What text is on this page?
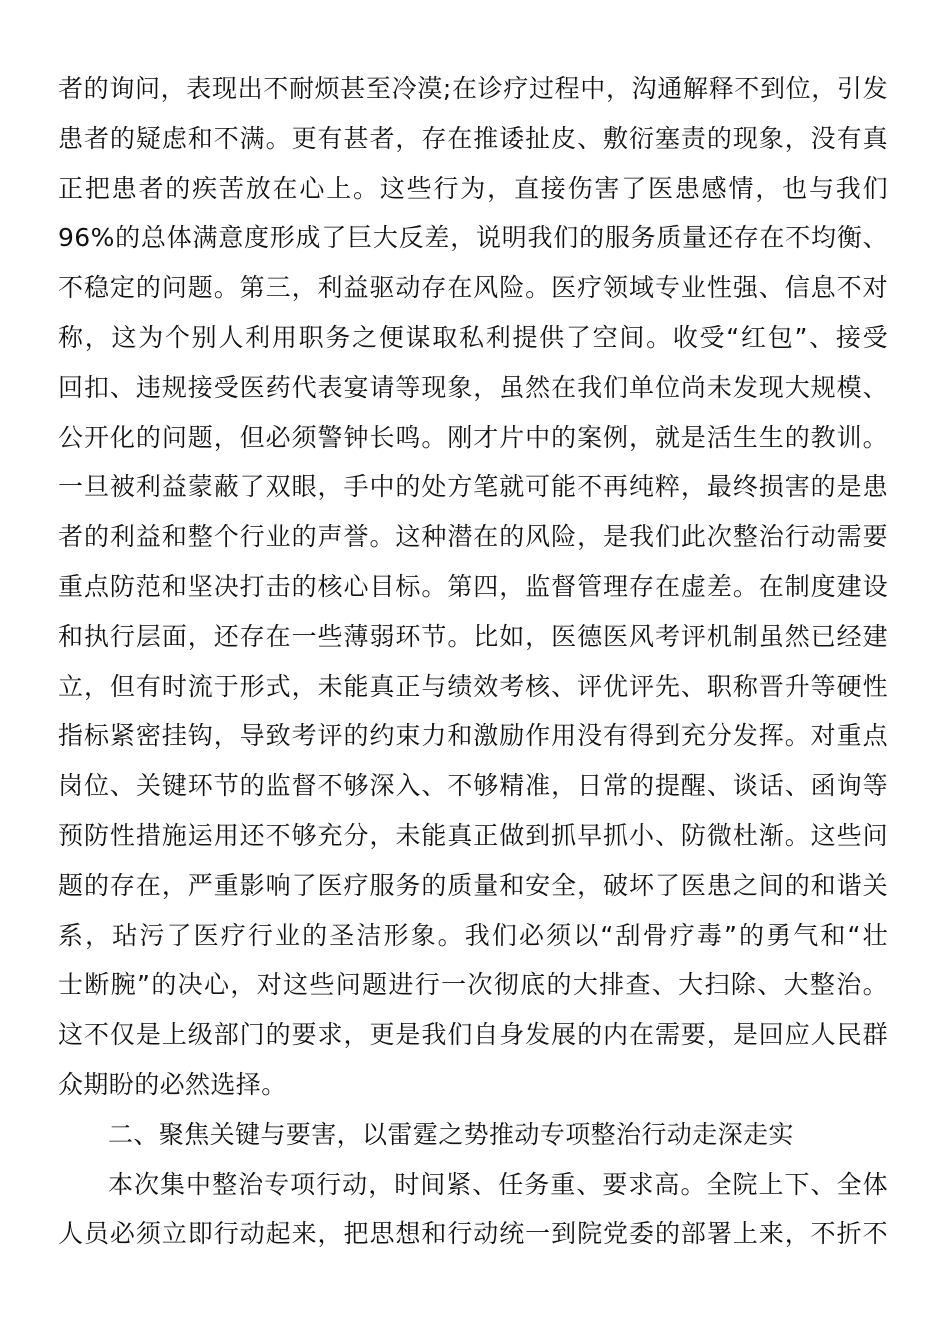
者的询问，表现出不耐烦甚至冷漠;在诊疗过程中，沟通解释不到位，引发
患者的疑虑和不满。更有甚者，存在推诿扯皮、敷衍塞责的现象，没有真
正把患者的疾苦放在心上。这些行为，直接伤害了医患感情，也与我们
96%的总体满意度形成了巨大反差，说明我们的服务质量还存在不均衡、
不稳定的问题。第三，利益驱动存在风险。医疗领域专业性强、信息不对
称，这为个别人利用职务之便谋取私利提供了空间。收受“红包”、接受
回扣、违规接受医药代表宴请等现象，虽然在我们单位尚未发现大规模、
公开化的问题，但必须警钟长鸣。刚才片中的案例，就是活生生的教训。
一旦被利益蒙蔽了双眼，手中的处方笔就可能不再纯粹，最终损害的是患
者的利益和整个行业的声誉。这种潜在的风险，是我们此次整治行动需要
重点防范和坚决打击的核心目标。第四，监督管理存在虚差。在制度建设
和执行层面，还存在一些薄弱环节。比如，医德医风考评机制虽然已经建
立，但有时流于形式，未能真正与绩效考核、评优评先、职称晋升等硬性
指标紧密挂钩，导致考评的约束力和激励作用没有得到充分发挥。对重点
岗位、关键环节的监督不够深入、不够精准，日常的提醒、谈话、函询等
预防性措施运用还不够充分，未能真正做到抓早抓小、防微杜渐。这些问
题的存在，严重影响了医疗服务的质量和安全，破坏了医患之间的和谐关
系，玷污了医疗行业的圣洁形象。我们必须以“刮骨疗毒”的勇气和“壮
士断腕”的决心，对这些问题进行一次彻底的大排查、大扫除、大整治。
这不仅是上级部门的要求，更是我们自身发展的内在需要，是回应人民群
众期盼的必然选择。
二、聚焦关键与要害，以雷霆之势推动专项整治行动走深走实
本次集中整治专项行动，时间紧、任务重、要求高。全院上下、全体
人员必须立即行动起来，把思想和行动统一到院党委的部署上来，不折不
